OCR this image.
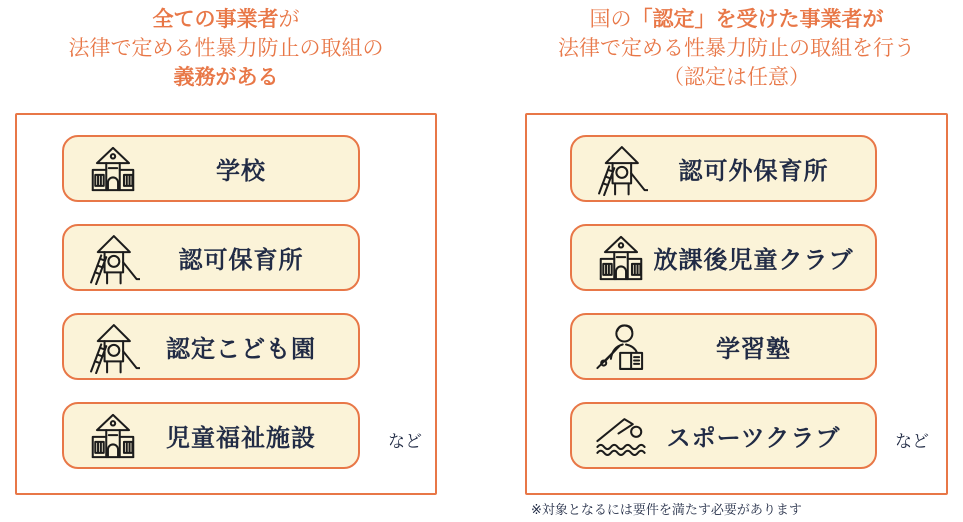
全ての事業者が
法律で定める性暴力防止の取組の
義務がある
国の「認定」を受けた事業者が
法律で定める性暴力防止の取組を行う
（認定は任意）
学校
認可保育所
認定こども園
児童福祉施設	など
認可外保育所
放課後児童クラブ
学習塾
スポーツクラブ	など
※対象となるには要件を満たす必要があります
